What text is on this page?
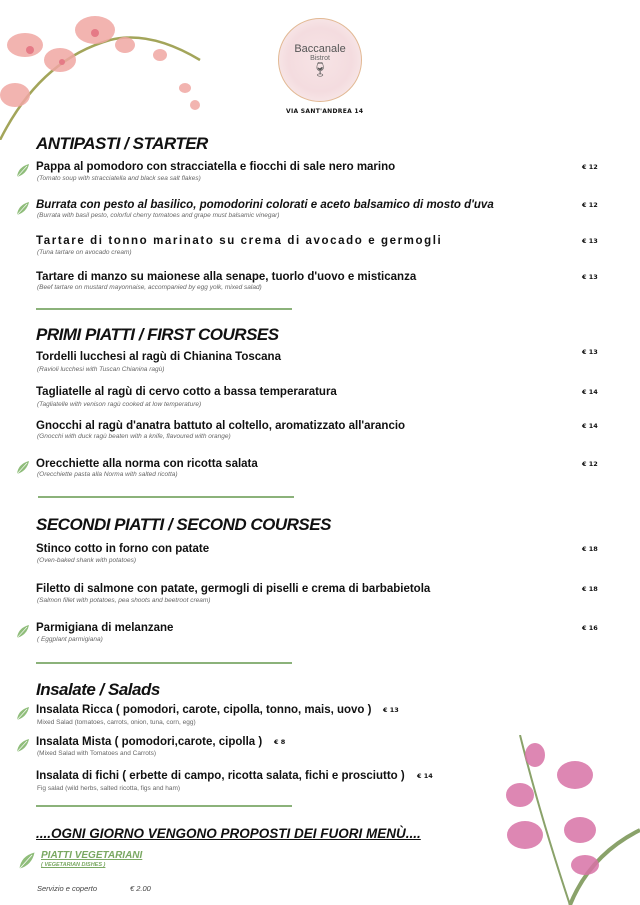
Baccanale
Bistrot
🍷︎
VIA SANT'ANDREA 14
ANTIPASTI / STARTER
Pappa al pomodoro con stracciatella e fiocchi di sale nero marino
(Tomato soup with stracciatella and black sea salt flakes)
€ 12
Burrata con pesto al basilico, pomodorini colorati e aceto balsamico di mosto d'uva
(Burrata with basil pesto, colorful cherry tomatoes and grape must balsamic vinegar)
€ 12
Tartare di tonno marinato su crema di avocado e germogli
(Tuna tartare on avocado cream)
€ 13
Tartare di manzo su maionese alla senape, tuorlo d'uovo e misticanza
(Beef tartare on mustard mayonnaise, accompanied by egg yolk, mixed salad)
€ 13
PRIMI PIATTI / FIRST COURSES
Tordelli lucchesi al ragù di Chianina Toscana
(Ravioli lucchesi with Tuscan Chianina ragù)
€ 13
Tagliatelle al ragù di cervo cotto a bassa temperaratura
(Tagliatelle with venison ragù cooked at low temperature)
€ 14
Gnocchi al ragù d'anatra battuto al coltello, aromatizzato all'arancio
(Gnocchi with duck ragù beaten with a knife, flavoured with orange)
€ 14
Orecchiette alla norma con ricotta salata
(Orecchiette pasta alla Norma with salted ricotta)
€ 12
SECONDI PIATTI / SECOND COURSES
Stinco cotto in forno con patate
(Oven-baked shank with potatoes)
€ 18
Filetto di salmone con patate, germogli di piselli e crema di barbabietola
(Salmon fillet with potatoes, pea shoots and beetroot cream)
€ 18
Parmigiana di melanzane
( Eggplant parmigiana)
€ 16
Insalate / Salads
Insalata Ricca ( pomodori, carote, cipolla, tonno, mais, uovo )
Mixed Salad (tomatoes, carrots, onion, tuna, corn, egg)
€ 13
Insalata Mista ( pomodori,carote, cipolla )
(Mixed Salad with Tomatoes and Carrots)
€ 8
Insalata di fichi ( erbette di campo, ricotta salata, fichi e prosciutto )
Fig salad (wild herbs, salted ricotta, figs and ham)
€ 14
....OGNI GIORNO VENGONO PROPOSTI DEI FUORI MENÙ....
PIATTI VEGETARIANI
( VEGETARIAN DISHES )
Servizio e coperto	€ 2.00
